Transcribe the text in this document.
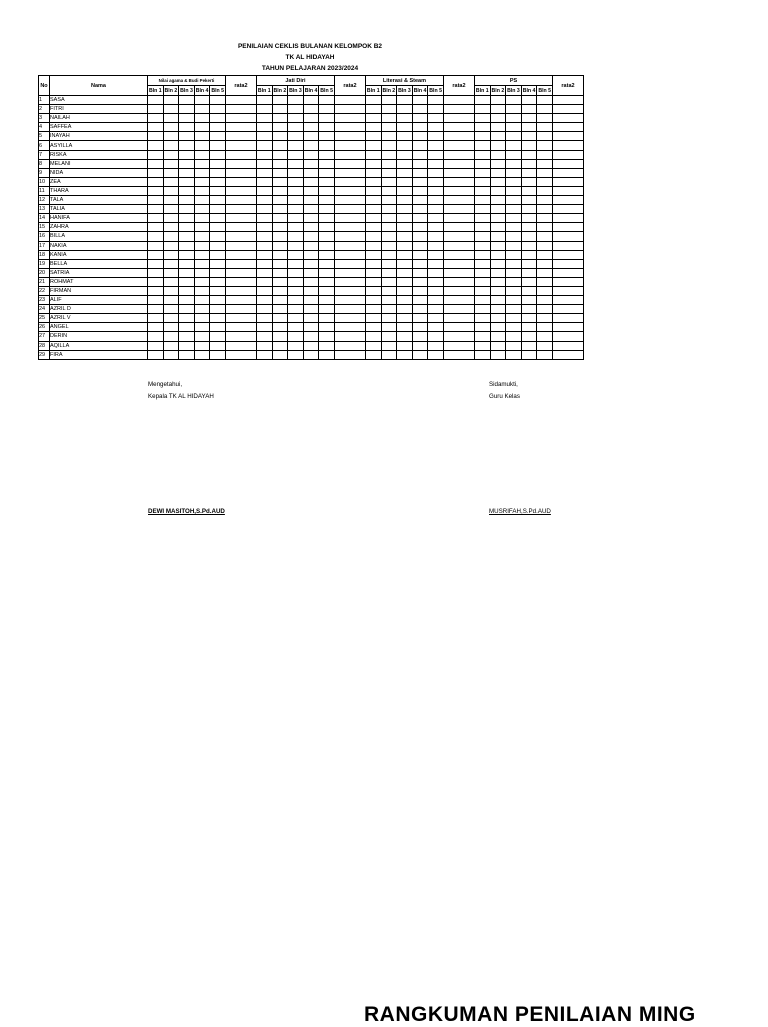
PENILAIAN CEKLIS BULANAN KELOMPOK B2
TK AL HIDAYAH
TAHUN PELAJARAN 2023/2024
No	Nama	Nilai agama & Budi Pekerti					rata2	Jati Diri					rata2	Literasi & Steam					rata2	PS					rata2
		Bln 1	Bln 2	Bln 3	Bln 4	Bln 5		Bln 1	Bln 2	Bln 3	Bln 4	Bln 5		Bln 1	Bln 2	Bln 3	Bln 4	Bln 5		Bln 1	Bln 2	Bln 3	Bln 4	Bln 5	
1	SASA																								
2	FITRI																								
3	NAILAH																								
4	SAFFEA																								
5	INAYAH																								
6	ASYILLA																								
7	RISKA																								
8	MELANI																								
9	NIDA																								
10	ZEA																								
11	THARA																								
12	TALA																								
13	TALIA																								
14	HANIFA																								
15	ZAHRA																								
16	BILLA																								
17	NAKIA																								
18	KANIA																								
19	BELLA																								
20	SATRIA																								
21	ROHMAT																								
22	FIRMAN																								
23	ALIF																								
24	AZRIL D																								
25	AZRIL V																								
26	ANGEL																								
27	DERIN																								
28	AQILLA																								
29	FIRA																								
Mengetahui,
Kepala TK AL HIDAYAH
DEWI MASITOH,S.Pd.AUD
Sidamukti,
Guru Kelas
MUSRIFAH,S.Pd.AUD
RANGKUMAN PENILAIAN MING
